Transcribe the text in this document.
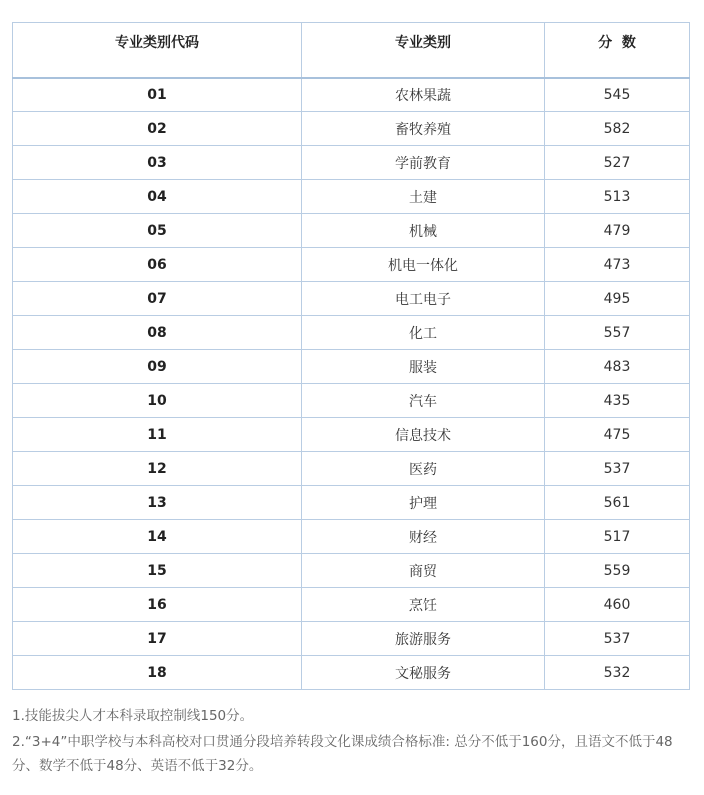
专业类别代码	专业类别	分  数
01	农林果蔬	545
02	畜牧养殖	582
03	学前教育	527
04	土建	513
05	机械	479
06	机电一体化	473
07	电工电子	495
08	化工	557
09	服装	483
10	汽车	435
11	信息技术	475
12	医药	537
13	护理	561
14	财经	517
15	商贸	559
16	烹饪	460
17	旅游服务	537
18	文秘服务	532

1.技能拔尖人才本科录取控制线150分。

2.“3+4”中职学校与本科高校对口贯通分段培养转段文化课成绩合格标准: 总分不低于160分，且语文不低于48分、数学不低于48分、英语不低于32分。
